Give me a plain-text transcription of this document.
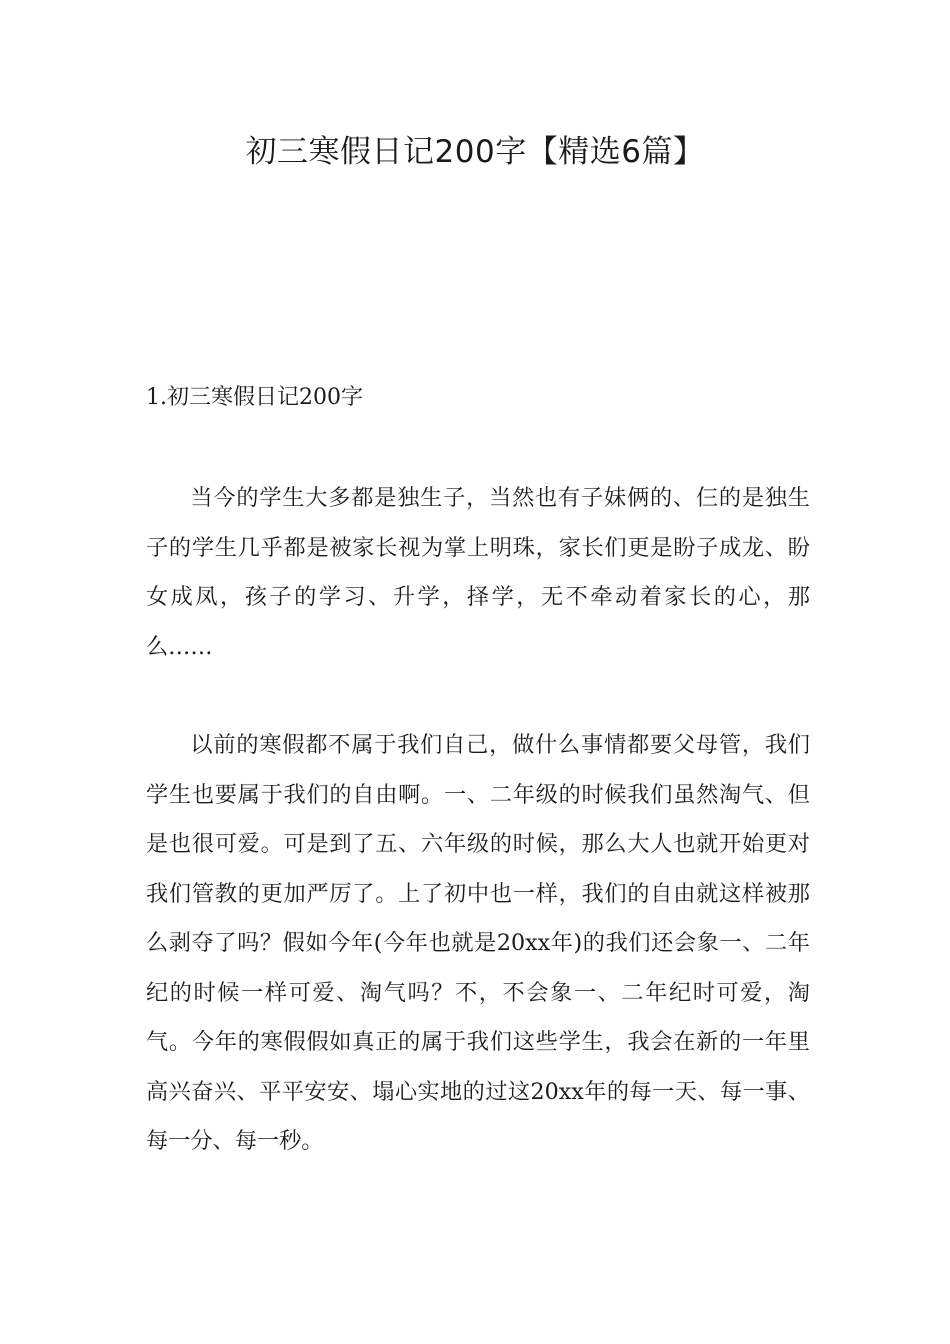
初三寒假日记200字【精选6篇】
1.初三寒假日记200字

当今的学生大多都是独生子，当然也有子妹俩的、仨的是独生子的学生几乎都是被家长视为掌上明珠，家长们更是盼子成龙、盼女成凤，孩子的学习、升学，择学，无不牵动着家长的心，那么……

以前的寒假都不属于我们自己，做什么事情都要父母管，我们学生也要属于我们的自由啊。一、二年级的时候我们虽然淘气、但是也很可爱。可是到了五、六年级的时候，那么大人也就开始更对我们管教的更加严厉了。上了初中也一样，我们的自由就这样被那么剥夺了吗？假如今年(今年也就是20xx年)的我们还会象一、二年纪的时候一样可爱、淘气吗？不，不会象一、二年纪时可爱，淘气。今年的寒假假如真正的属于我们这些学生，我会在新的一年里高兴奋兴、平平安安、塌心实地的过这20xx年的每一天、每一事、每一分、每一秒。
